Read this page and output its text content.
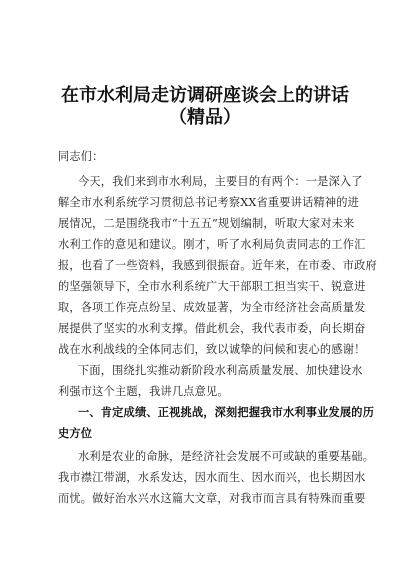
在市水利局走访调研座谈会上的讲话
（精品）
同志们：
今天，我们来到市水利局，主要目的有两个：一是深入了
解全市水利系统学习贯彻总书记考察XX省重要讲话精神的进
展情况，二是围绕我市“十五五”规划编制，听取大家对未来
水利工作的意见和建议。刚才，听了水利局负责同志的工作汇
报，也看了一些资料，我感到很振奋。近年来，在市委、市政府
的坚强领导下，全市水利系统广大干部职工担当实干、锐意进
取，各项工作亮点纷呈、成效显著，为全市经济社会高质量发
展提供了坚实的水利支撑。借此机会，我代表市委，向长期奋
战在水利战线的全体同志们，致以诚挚的问候和衷心的感谢！
下面，围绕扎实推动新阶段水利高质量发展、加快建设水
利强市这个主题，我讲几点意见。
一、肯定成绩、正视挑战，深刻把握我市水利事业发展的历
史方位
水利是农业的命脉，是经济社会发展不可或缺的重要基础。
我市襟江带湖，水系发达，因水而生、因水而兴，也长期因水
而忧。做好治水兴水这篇大文章，对我市而言具有特殊而重要
